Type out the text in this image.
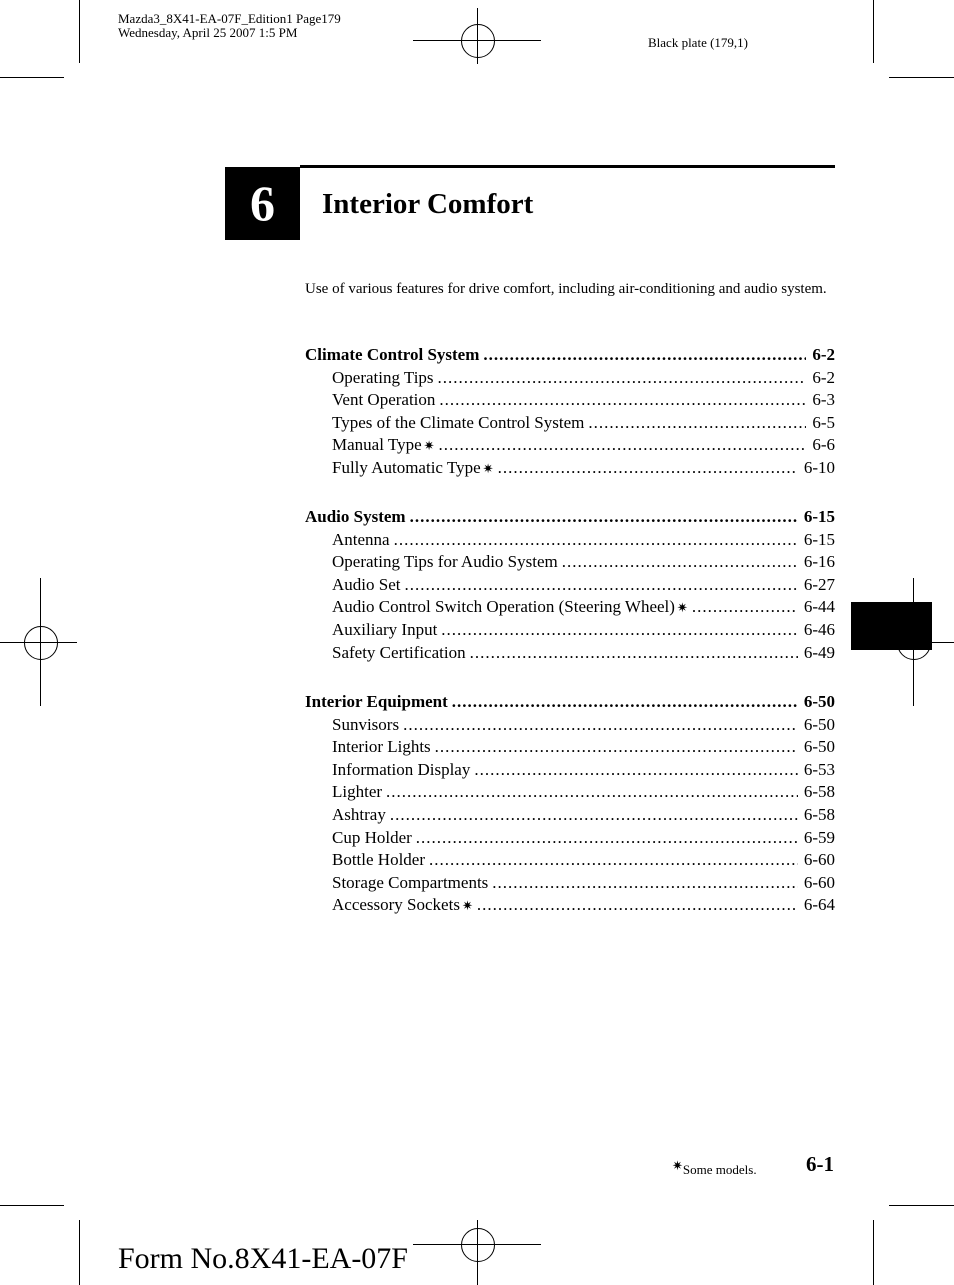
Mazda3_8X41-EA-07F_Edition1 Page179
Wednesday, April 25 2007 1:5 PM
Black plate (179,1)
6	Interior Comfort
Use of various features for drive comfort, including air-conditioning and audio system.
Climate Control System .....	6-2
Operating Tips .....	6-2
Vent Operation .....	6-3
Types of the Climate Control System .....	6-5
Manual Type ✷ .....	6-6
Fully Automatic Type ✷ .....	6-10
Audio System .....	6-15
Antenna .....	6-15
Operating Tips for Audio System .....	6-16
Audio Set .....	6-27
Audio Control Switch Operation (Steering Wheel) ✷ .....	6-44
Auxiliary Input .....	6-46
Safety Certification .....	6-49
Interior Equipment .....	6-50
Sunvisors .....	6-50
Interior Lights .....	6-50
Information Display .....	6-53
Lighter .....	6-58
Ashtray .....	6-58
Cup Holder .....	6-59
Bottle Holder .....	6-60
Storage Compartments .....	6-60
Accessory Sockets ✷ .....	6-64
✷Some models. 6-1
Form No.8X41-EA-07F
